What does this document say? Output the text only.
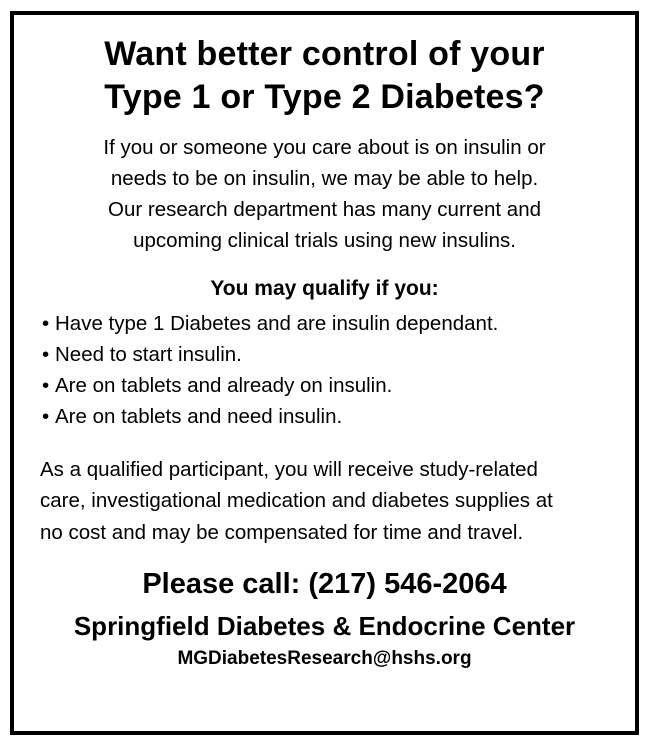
Want better control of your
Type 1 or Type 2 Diabetes?

If you or someone you care about is on insulin or
needs to be on insulin, we may be able to help.
Our research department has many current and
upcoming clinical trials using new insulins.

You may qualify if you:
• Have type 1 Diabetes and are insulin dependant.
• Need to start insulin.
• Are on tablets and already on insulin.
• Are on tablets and need insulin.

As a qualified participant, you will receive study-related
care, investigational medication and diabetes supplies at
no cost and may be compensated for time and travel.

Please call: (217) 546-2064

Springfield Diabetes & Endocrine Center

MGDiabetesResearch@hshs.org
